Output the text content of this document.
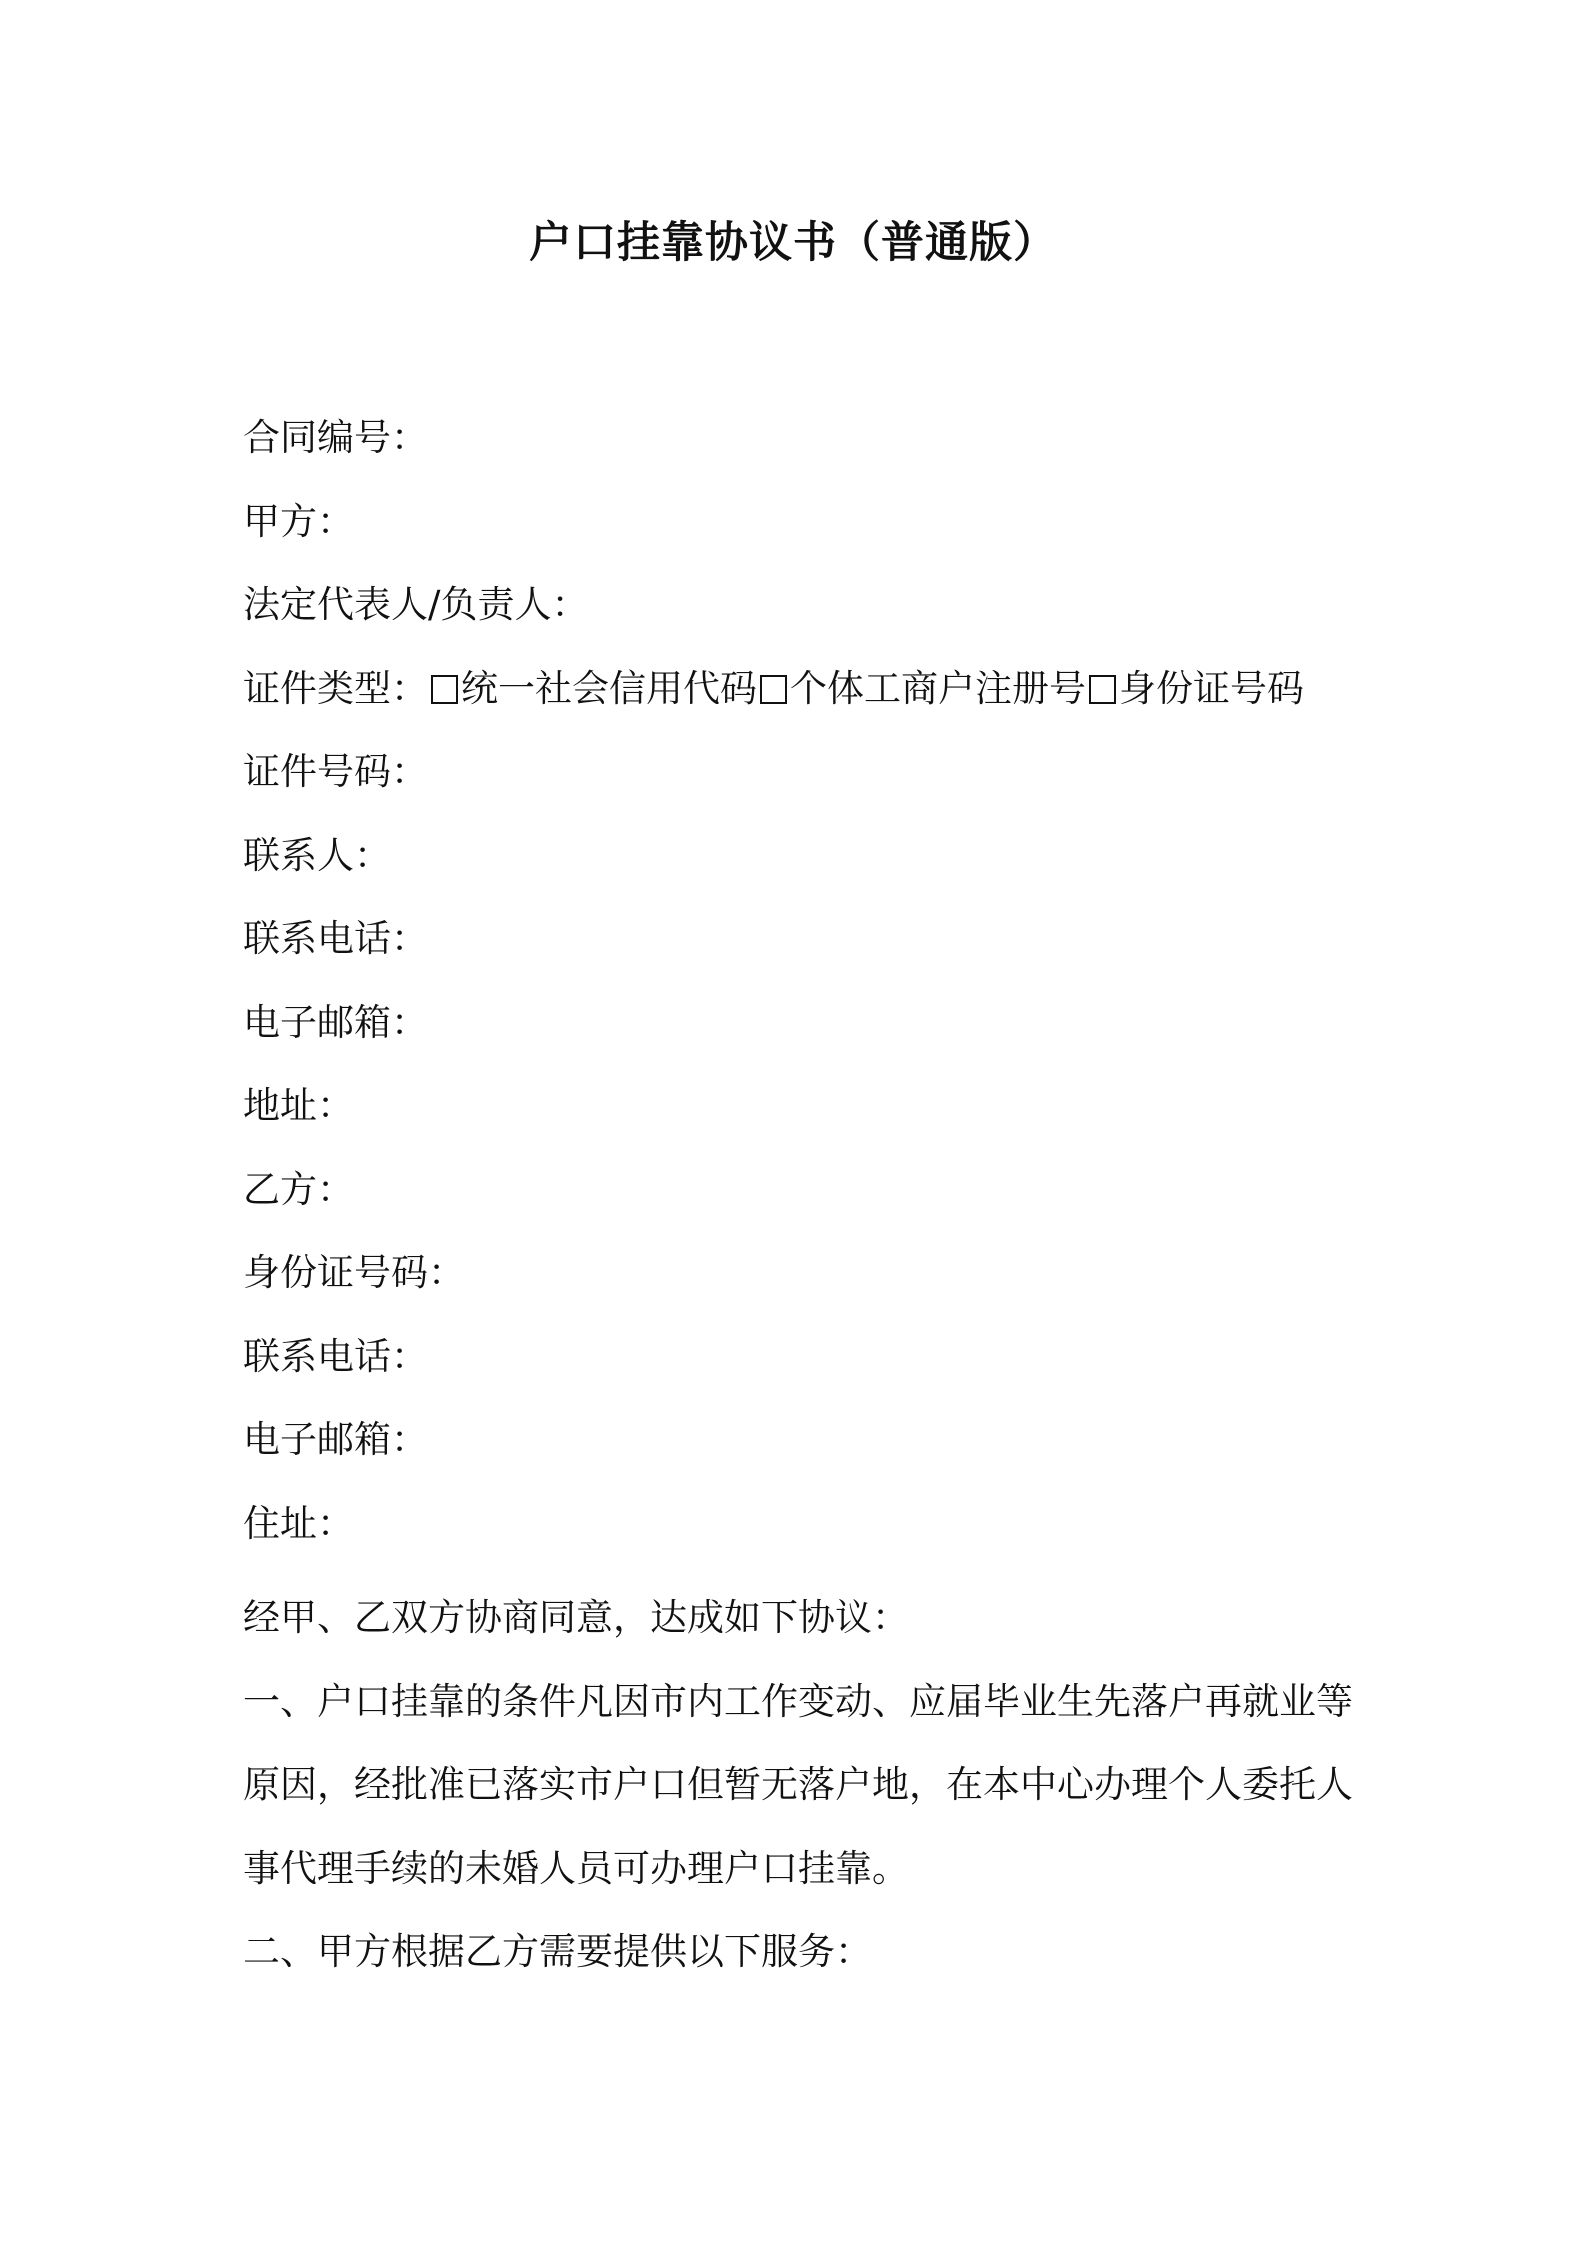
户口挂靠协议书（普通版）
合同编号：
甲方：
法定代表人/负责人：
证件类型： 统一社会信用代码 个体工商户注册号 身份证号码
证件号码：
联系人：
联系电话：
电子邮箱：
地址：
乙方：
身份证号码：
联系电话：
电子邮箱：
住址：
经甲、乙双方协商同意，达成如下协议：
一、户口挂靠的条件凡因市内工作变动、应届毕业生先落户再就业等
原因，经批准已落实市户口但暂无落户地，在本中心办理个人委托人
事代理手续的未婚人员可办理户口挂靠。
二、甲方根据乙方需要提供以下服务：
